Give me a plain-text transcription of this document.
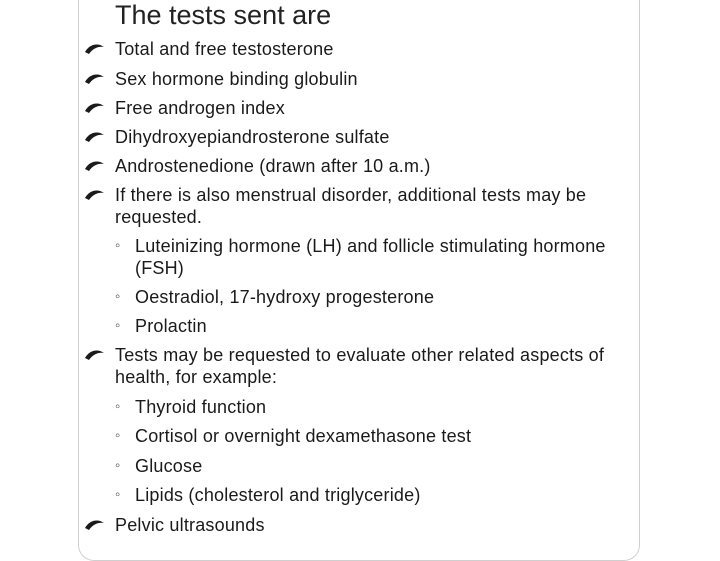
The tests sent are
Total and free testosterone
Sex hormone binding globulin
Free androgen index
Dihydroxyepiandrosterone sulfate
Androstenedione (drawn after 10 a.m.)
If there is also menstrual disorder, additional tests may be requested.
◦ Luteinizing hormone (LH) and follicle stimulating hormone (FSH)
◦ Oestradiol, 17-hydroxy progesterone
◦ Prolactin
Tests may be requested to evaluate other related aspects of health, for example:
◦ Thyroid function
◦ Cortisol or overnight dexamethasone test
◦ Glucose
◦ Lipids (cholesterol and triglyceride)
Pelvic ultrasounds
